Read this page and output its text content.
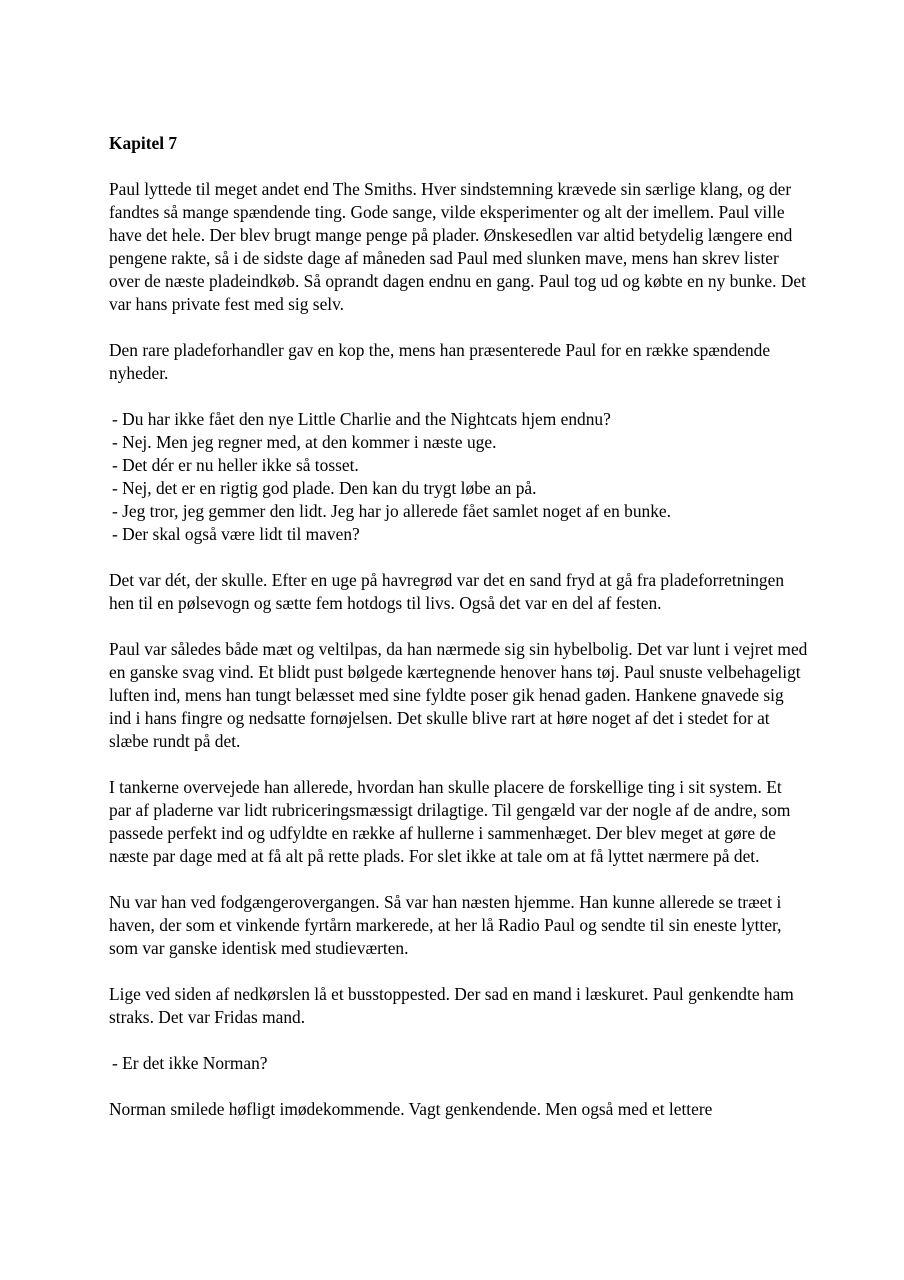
Kapitel 7

Paul lyttede til meget andet end The Smiths. Hver sindstemning krævede sin særlige klang, og der fandtes så mange spændende ting. Gode sange, vilde eksperimenter og alt der imellem. Paul ville have det hele. Der blev brugt mange penge på plader. Ønskesedlen var altid betydelig længere end pengene rakte, så i de sidste dage af måneden sad Paul med slunken mave, mens han skrev lister over de næste pladeindkøb. Så oprandt dagen endnu en gang. Paul tog ud og købte en ny bunke. Det var hans private fest med sig selv.

Den rare pladeforhandler gav en kop the, mens han præsenterede Paul for en række spændende nyheder.

- Du har ikke fået den nye Little Charlie and the Nightcats hjem endnu?

- Nej. Men jeg regner med, at den kommer i næste uge.

- Det dér er nu heller ikke så tosset.

- Nej, det er en rigtig god plade. Den kan du trygt løbe an på.

- Jeg tror, jeg gemmer den lidt. Jeg har jo allerede fået samlet noget af en bunke.

- Der skal også være lidt til maven?

Det var dét, der skulle. Efter en uge på havregrød var det en sand fryd at gå fra pladeforretningen hen til en pølsevogn og sætte fem hotdogs til livs. Også det var en del af festen.

Paul var således både mæt og veltilpas, da han nærmede sig sin hybelbolig. Det var lunt i vejret med en ganske svag vind. Et blidt pust bølgede kærtegnende henover hans tøj. Paul snuste velbehageligt luften ind, mens han tungt belæsset med sine fyldte poser gik henad gaden. Hankene gnavede sig ind i hans fingre og nedsatte fornøjelsen. Det skulle blive rart at høre noget af det i stedet for at slæbe rundt på det.

I tankerne overvejede han allerede, hvordan han skulle placere de forskellige ting i sit system. Et par af pladerne var lidt rubriceringsmæssigt drilagtige. Til gengæld var der nogle af de andre, som passede perfekt ind og udfyldte en række af hullerne i sammenhæget. Der blev meget at gøre de næste par dage med at få alt på rette plads. For slet ikke at tale om at få lyttet nærmere på det.

Nu var han ved fodgængerovergangen. Så var han næsten hjemme. Han kunne allerede se træet i haven, der som et vinkende fyrtårn markerede, at her lå Radio Paul og sendte til sin eneste lytter, som var ganske identisk med studieværten.

Lige ved siden af nedkørslen lå et busstoppested. Der sad en mand i læskuret. Paul genkendte ham straks. Det var Fridas mand.

- Er det ikke Norman?

Norman smilede høfligt imødekommende. Vagt genkendende. Men også med et lettere
